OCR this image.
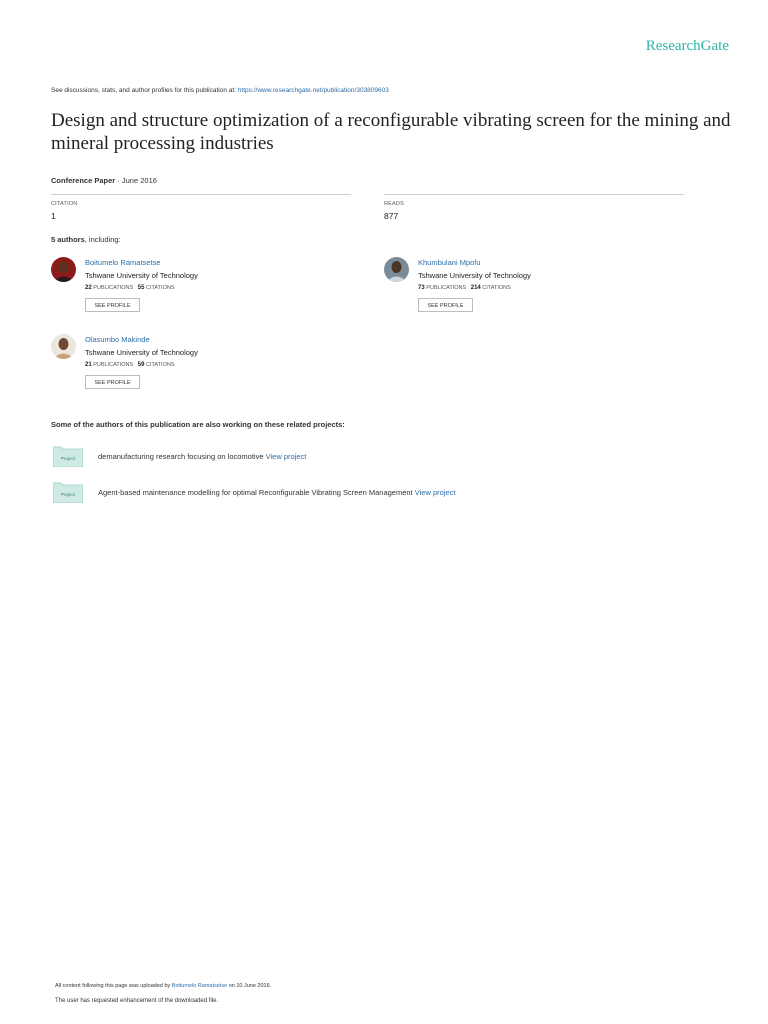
ResearchGate
See discussions, stats, and author profiles for this publication at: https://www.researchgate.net/publication/303809603
Design and structure optimization of a reconfigurable vibrating screen for the mining and mineral processing industries
Conference Paper · June 2016
CITATION
1
READS
877
5 authors, including:
Boitumelo Ramatsetse
Tshwane University of Technology
22 PUBLICATIONS 55 CITATIONS
SEE PROFILE
Khumbulani Mpofu
Tshwane University of Technology
73 PUBLICATIONS 214 CITATIONS
SEE PROFILE
Olasumbo Makinde
Tshwane University of Technology
21 PUBLICATIONS 59 CITATIONS
SEE PROFILE
Some of the authors of this publication are also working on these related projects:
Project	demanufacturing research focusing on locomotive View project
Project	Agent-based maintenance modelling for optimal Reconfigurable Vibrating Screen Management View project
All content following this page was uploaded by Boitumelo Ramatsetse on 10 June 2016.
The user has requested enhancement of the downloaded file.
